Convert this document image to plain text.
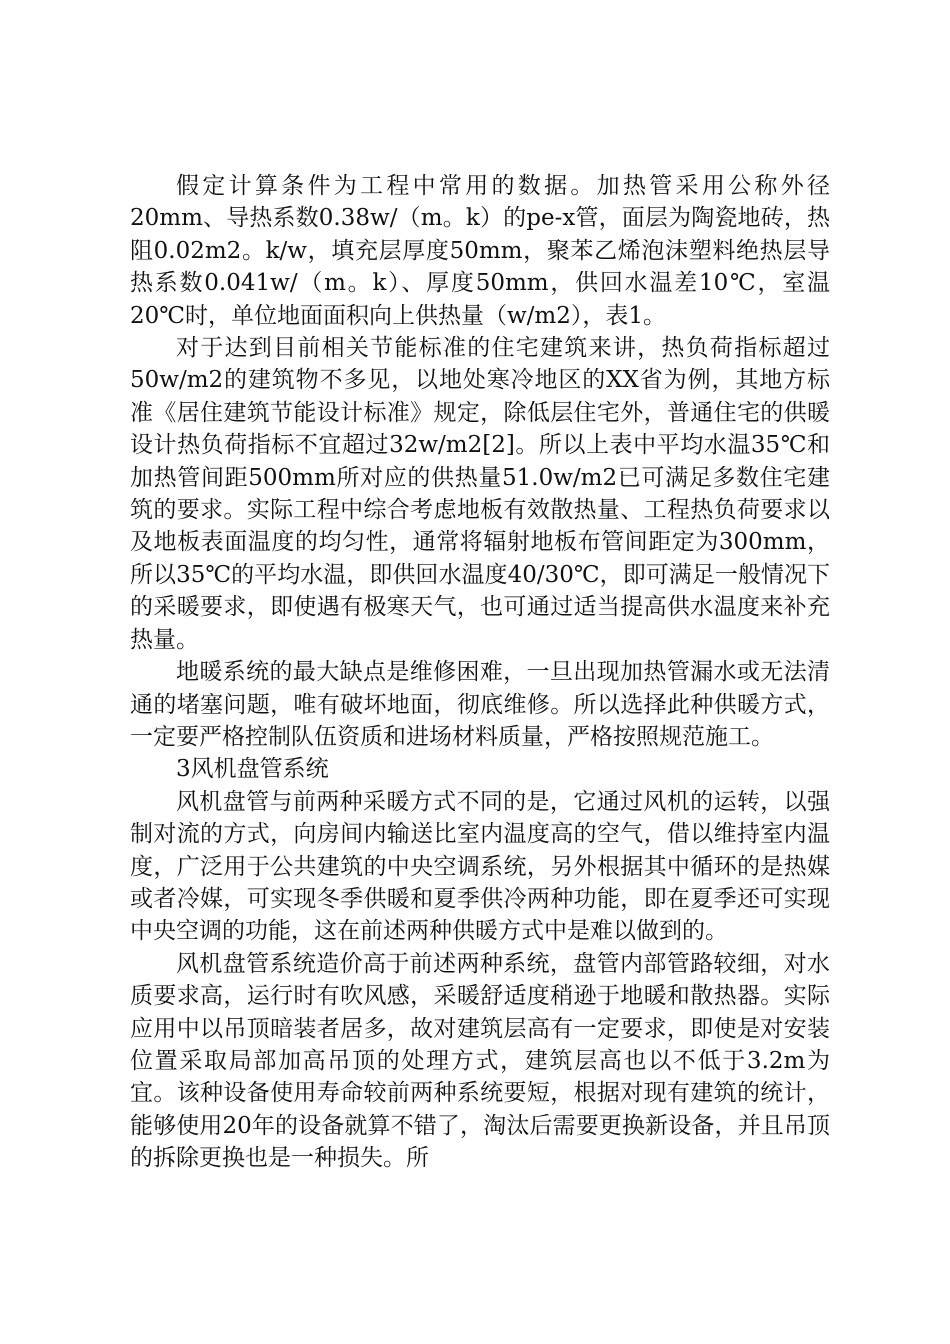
假定计算条件为工程中常用的数据。加热管采用公称外径20mm、导热系数0.38w/（m。k）的pe-x管，面层为陶瓷地砖，热阻0.02m2。k/w，填充层厚度50mm，聚苯乙烯泡沫塑料绝热层导热系数0.041w/（m。k）、厚度50mm，供回水温差10℃，室温20℃时，单位地面面积向上供热量（w/m2），表1。

对于达到目前相关节能标准的住宅建筑来讲，热负荷指标超过50w/m2的建筑物不多见，以地处寒冷地区的XX省为例，其地方标准《居住建筑节能设计标准》规定，除低层住宅外，普通住宅的供暖设计热负荷指标不宜超过32w/m2[2]。所以上表中平均水温35℃和加热管间距500mm所对应的供热量51.0w/m2已可满足多数住宅建筑的要求。实际工程中综合考虑地板有效散热量、工程热负荷要求以及地板表面温度的均匀性，通常将辐射地板布管间距定为300mm，所以35℃的平均水温，即供回水温度40/30℃，即可满足一般情况下的采暖要求，即使遇有极寒天气，也可通过适当提高供水温度来补充热量。

地暖系统的最大缺点是维修困难，一旦出现加热管漏水或无法清通的堵塞问题，唯有破坏地面，彻底维修。所以选择此种供暖方式，一定要严格控制队伍资质和进场材料质量，严格按照规范施工。

3风机盘管系统

风机盘管与前两种采暖方式不同的是，它通过风机的运转，以强制对流的方式，向房间内输送比室内温度高的空气，借以维持室内温度，广泛用于公共建筑的中央空调系统，另外根据其中循环的是热媒或者冷媒，可实现冬季供暖和夏季供冷两种功能，即在夏季还可实现中央空调的功能，这在前述两种供暖方式中是难以做到的。

风机盘管系统造价高于前述两种系统，盘管内部管路较细，对水质要求高，运行时有吹风感，采暖舒适度稍逊于地暖和散热器。实际应用中以吊顶暗装者居多，故对建筑层高有一定要求，即使是对安装位置采取局部加高吊顶的处理方式，建筑层高也以不低于3.2m为宜。该种设备使用寿命较前两种系统要短，根据对现有建筑的统计，能够使用20年的设备就算不错了，淘汰后需要更换新设备，并且吊顶的拆除更换也是一种损失。所
